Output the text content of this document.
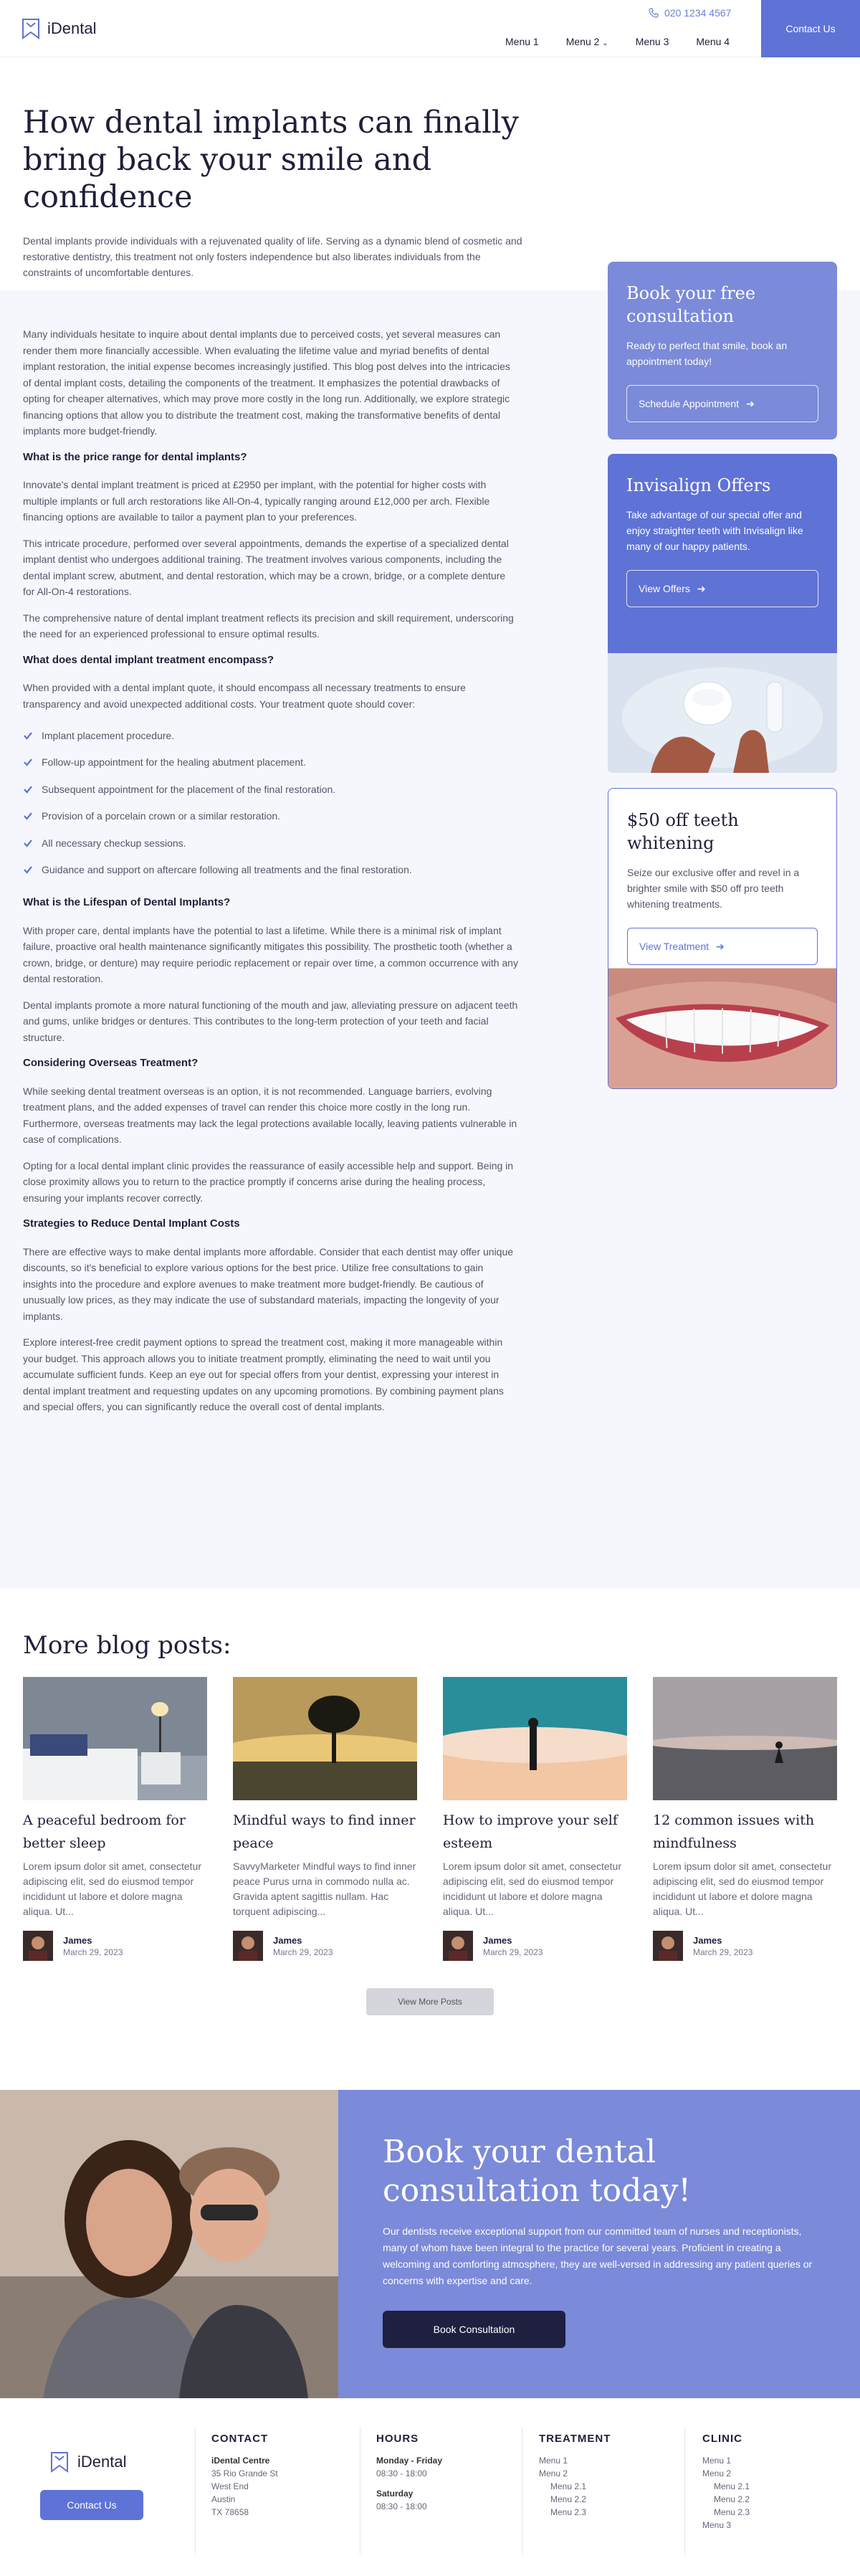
iDental
020 1234 4567
Menu 1	Menu 2 ⌄	Menu 3	Menu 4
Contact Us
How dental implants can finally bring back your smile and confidence

Dental implants provide individuals with a rejuvenated quality of life. Serving as a dynamic blend of cosmetic and restorative dentistry, this treatment not only fosters independence but also liberates individuals from the constraints of uncomfortable dentures.

Many individuals hesitate to inquire about dental implants due to perceived costs, yet several measures can render them more financially accessible. When evaluating the lifetime value and myriad benefits of dental implant restoration, the initial expense becomes increasingly justified. This blog post delves into the intricacies of dental implant costs, detailing the components of the treatment. It emphasizes the potential drawbacks of opting for cheaper alternatives, which may prove more costly in the long run. Additionally, we explore strategic financing options that allow you to distribute the treatment cost, making the transformative benefits of dental implants more budget-friendly.

What is the price range for dental implants?

Innovate's dental implant treatment is priced at £2950 per implant, with the potential for higher costs with multiple implants or full arch restorations like All-On-4, typically ranging around £12,000 per arch. Flexible financing options are available to tailor a payment plan to your preferences.

This intricate procedure, performed over several appointments, demands the expertise of a specialized dental implant dentist who undergoes additional training. The treatment involves various components, including the dental implant screw, abutment, and dental restoration, which may be a crown, bridge, or a complete denture for All-On-4 restorations.

The comprehensive nature of dental implant treatment reflects its precision and skill requirement, underscoring the need for an experienced professional to ensure optimal results.

What does dental implant treatment encompass?

When provided with a dental implant quote, it should encompass all necessary treatments to ensure transparency and avoid unexpected additional costs. Your treatment quote should cover:

Implant placement procedure.
Follow-up appointment for the healing abutment placement.
Subsequent appointment for the placement of the final restoration.
Provision of a porcelain crown or a similar restoration.
All necessary checkup sessions.
Guidance and support on aftercare following all treatments and the final restoration.
What is the Lifespan of Dental Implants?

With proper care, dental implants have the potential to last a lifetime. While there is a minimal risk of implant failure, proactive oral health maintenance significantly mitigates this possibility. The prosthetic tooth (whether a crown, bridge, or denture) may require periodic replacement or repair over time, a common occurrence with any dental restoration.

Dental implants promote a more natural functioning of the mouth and jaw, alleviating pressure on adjacent teeth and gums, unlike bridges or dentures. This contributes to the long-term protection of your teeth and facial structure.

Considering Overseas Treatment?

While seeking dental treatment overseas is an option, it is not recommended. Language barriers, evolving treatment plans, and the added expenses of travel can render this choice more costly in the long run. Furthermore, overseas treatments may lack the legal protections available locally, leaving patients vulnerable in case of complications.

Opting for a local dental implant clinic provides the reassurance of easily accessible help and support. Being in close proximity allows you to return to the practice promptly if concerns arise during the healing process, ensuring your implants recover correctly.

Strategies to Reduce Dental Implant Costs

There are effective ways to make dental implants more affordable. Consider that each dentist may offer unique discounts, so it's beneficial to explore various options for the best price. Utilize free consultations to gain insights into the procedure and explore avenues to make treatment more budget-friendly. Be cautious of unusually low prices, as they may indicate the use of substandard materials, impacting the longevity of your implants.

Explore interest-free credit payment options to spread the treatment cost, making it more manageable within your budget. This approach allows you to initiate treatment promptly, eliminating the need to wait until you accumulate sufficient funds. Keep an eye out for special offers from your dentist, expressing your interest in dental implant treatment and requesting updates on any upcoming promotions. By combining payment plans and special offers, you can significantly reduce the overall cost of dental implants.

Book your free consultation

Ready to perfect that smile, book an appointment today!

Schedule Appointment ➔
Invisalign Offers

Take advantage of our special offer and enjoy straighter teeth with Invisalign like many of our happy patients.

View Offers ➔
$50 off teeth whitening

Seize our exclusive offer and revel in a brighter smile with $50 off pro teeth whitening treatments.

View Treatment ➔
More blog posts:
A peaceful bedroom for better sleep

Lorem ipsum dolor sit amet, consectetur adipiscing elit, sed do eiusmod tempor incididunt ut labore et dolore magna aliqua. Ut...

James
March 29, 2023
Mindful ways to find inner peace

SavvyMarketer Mindful ways to find inner peace Purus urna in commodo nulla ac. Gravida aptent sagittis nullam. Hac torquent adipiscing...

James
March 29, 2023
How to improve your self esteem

Lorem ipsum dolor sit amet, consectetur adipiscing elit, sed do eiusmod tempor incididunt ut labore et dolore magna aliqua. Ut...

James
March 29, 2023
12 common issues with mindfulness

Lorem ipsum dolor sit amet, consectetur adipiscing elit, sed do eiusmod tempor incididunt ut labore et dolore magna aliqua. Ut...

James
March 29, 2023
View More Posts
Book your dental consultation today!

Our dentists receive exceptional support from our committed team of nurses and receptionists, many of whom have been integral to the practice for several years. Proficient in creating a welcoming and comforting atmosphere, they are well-versed in addressing any patient queries or concerns with expertise and care.

Book Consultation
iDental
Contact Us
CONTACT
iDental Centre
35 Rio Grande St
West End
Austin
TX 78658
HOURS
Monday - Friday
08:30 - 18:00
Saturday
08:30 - 18:00
TREATMENT
Menu 1
Menu 2
Menu 2.1
Menu 2.2
Menu 2.3
CLINIC
Menu 1
Menu 2
Menu 2.1
Menu 2.2
Menu 2.3
Menu 3
